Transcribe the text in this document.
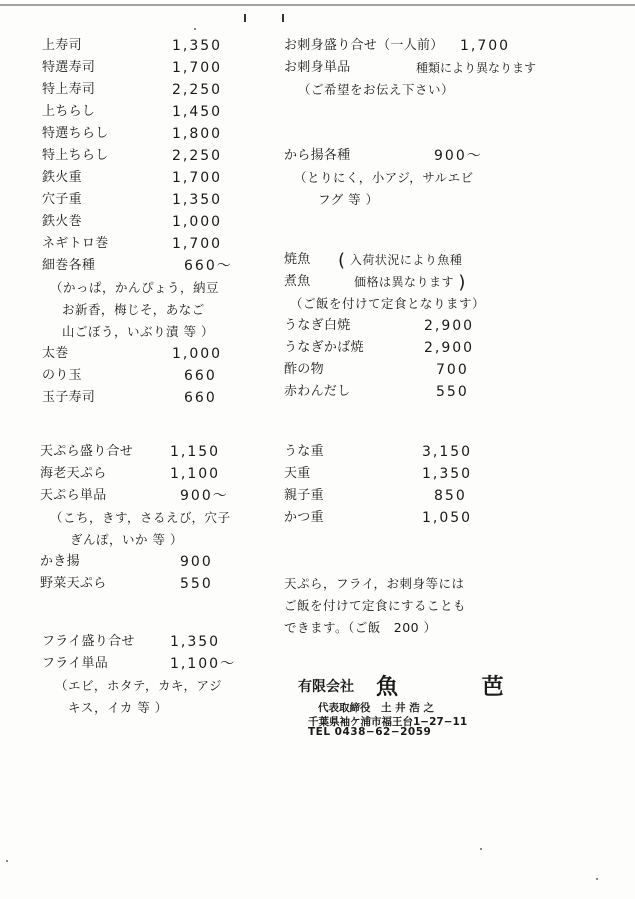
上寿司	1,350
特選寿司	1,700
特上寿司	2,250
上ちらし	1,450
特選ちらし	1,800
特上ちらし	2,250
鉄火重	1,700
穴子重	1,350
鉄火巻	1,000
ネギトロ巻	1,700
細巻各種	660〜
（かっぱ，かんぴょう，納豆
お新香，梅じそ，あなご
山ごぼう，いぶり漬 等 ）
太巻	1,000
のり玉	660
玉子寿司	660
天ぷら盛り合せ	1,150
海老天ぷら	1,100
天ぷら単品	900〜
（こち，きす，さるえび，穴子
ぎんぽ，いか 等 ）
かき揚	900
野菜天ぷら	550
フライ盛り合せ	1,350
フライ単品	1,100〜
（エビ，ホタテ，カキ，アジ
キス，イカ 等 ）
お刺身盛り合せ（一人前） 1,700
お刺身単品	種類により異なります
（ご希望をお伝え下さい）
から揚各種	900〜
（とりにく，小アジ，サルエビ
フグ 等 ）
焼魚
煮魚
( 入荷状況により魚種
価格は異なります )
（ご飯を付けて定食となります）
うなぎ白焼	2,900
うなぎかば焼	2,900
酢の物	700
赤わんだし	550
うな重	3,150
天重	1,350
親子重	850
かつ重	1,050
天ぷら，フライ，お刺身等には
ご飯を付けて定食にすることも
できます。（ご飯　200 ）
有限会社 魚 芭
代表取締役　土 井 浩 之
千葉県袖ケ浦市福王台1−27−11
TEL 0438−62−2059
